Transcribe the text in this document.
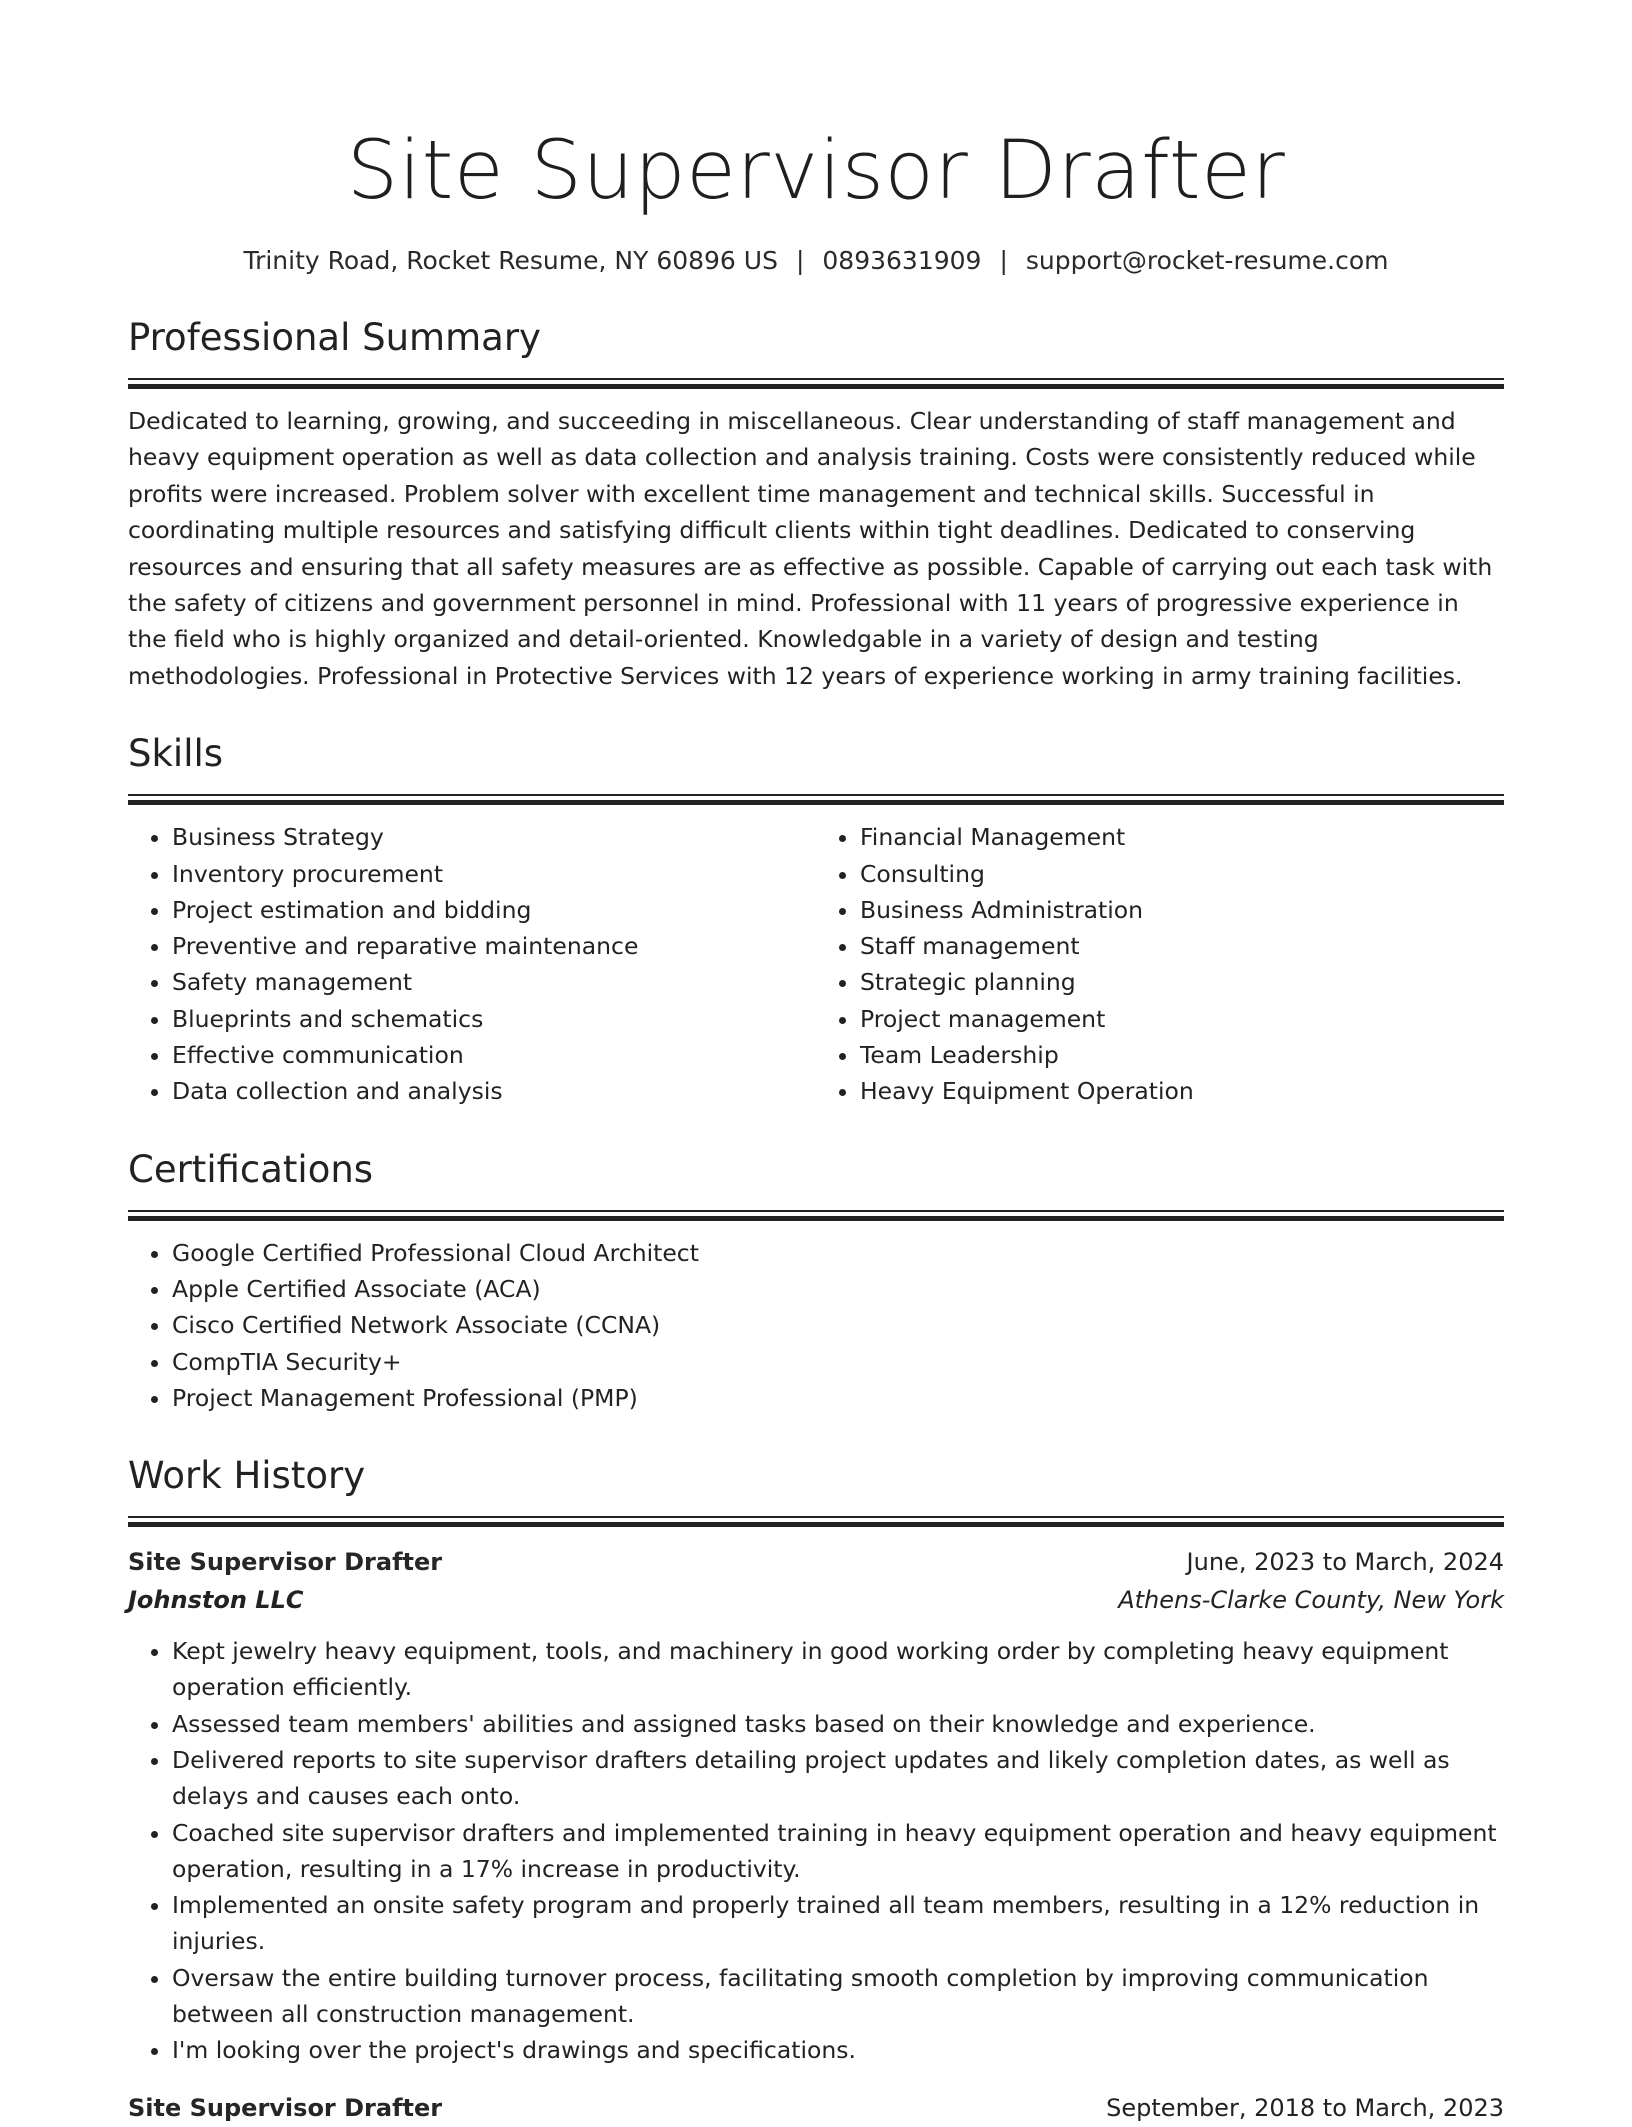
Site Supervisor Drafter
Trinity Road, Rocket Resume, NY 60896 US | 0893631909 | support@rocket-resume.com
Professional Summary

Dedicated to learning, growing, and succeeding in miscellaneous. Clear understanding of staff management and heavy equipment operation as well as data collection and analysis training. Costs were consistently reduced while profits were increased. Problem solver with excellent time management and technical skills. Successful in coordinating multiple resources and satisfying difficult clients within tight deadlines. Dedicated to conserving resources and ensuring that all safety measures are as effective as possible. Capable of carrying out each task with the safety of citizens and government personnel in mind. Professional with 11 years of progressive experience in the field who is highly organized and detail-oriented. Knowledgable in a variety of design and testing methodologies. Professional in Protective Services with 12 years of experience working in army training facilities.

Skills
• Business Strategy
• Inventory procurement
• Project estimation and bidding
• Preventive and reparative maintenance
• Safety management
• Blueprints and schematics
• Effective communication
• Data collection and analysis
• Financial Management
• Consulting
• Business Administration
• Staff management
• Strategic planning
• Project management
• Team Leadership
• Heavy Equipment Operation
Certifications
• Google Certified Professional Cloud Architect
• Apple Certified Associate (ACA)
• Cisco Certified Network Associate (CCNA)
• CompTIA Security+
• Project Management Professional (PMP)
Work History
Site Supervisor Drafter	June, 2023 to March, 2024
Johnston LLC	Athens-Clarke County, New York
• Kept jewelry heavy equipment, tools, and machinery in good working order by completing heavy equipment operation efficiently.
• Assessed team members' abilities and assigned tasks based on their knowledge and experience.
• Delivered reports to site supervisor drafters detailing project updates and likely completion dates, as well as delays and causes each onto.
• Coached site supervisor drafters and implemented training in heavy equipment operation and heavy equipment operation, resulting in a 17% increase in productivity.
• Implemented an onsite safety program and properly trained all team members, resulting in a 12% reduction in injuries.
• Oversaw the entire building turnover process, facilitating smooth completion by improving communication between all construction management.
• I'm looking over the project's drawings and specifications.
Site Supervisor Drafter	September, 2018 to March, 2023
